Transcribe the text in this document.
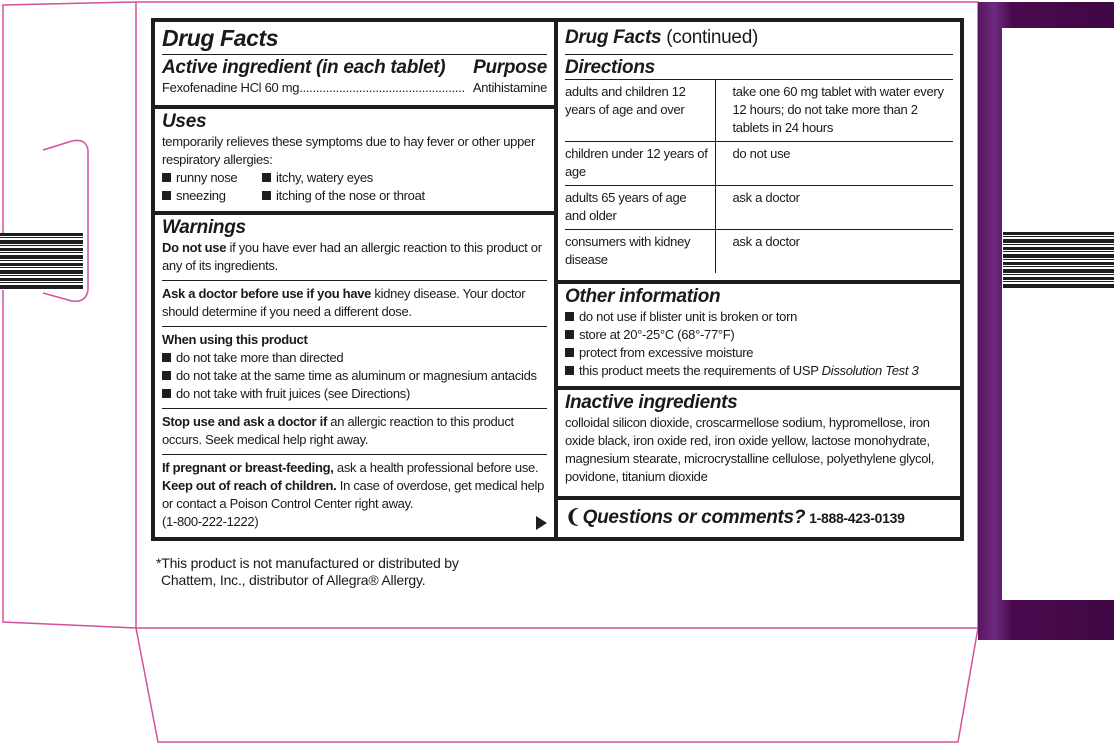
Drug Facts
Active ingredient (in each tablet) Purpose
Fexofenadine HCl 60 mg .................................................. Antihistamine
Uses
temporarily relieves these symptoms due to hay fever or other upper respiratory allergies:
runny nose	itchy, watery eyes
sneezing	itching of the nose or throat
Warnings
Do not use if you have ever had an allergic reaction to this product or any of its ingredients.
Ask a doctor before use if you have kidney disease. Your doctor should determine if you need a different dose.
When using this product
do not take more than directed
do not take at the same time as aluminum or magnesium antacids
do not take with fruit juices (see Directions)
Stop use and ask a doctor if an allergic reaction to this product occurs. Seek medical help right away.
If pregnant or breast-feeding, ask a health professional before use. Keep out of reach of children. In case of overdose, get medical help or contact a Poison Control Center right away.
(1-800-222-1222)
Drug Facts (continued)
Directions
adults and children 12 years of age and over	take one 60 mg tablet with water every 12 hours; do not take more than 2 tablets in 24 hours
children under 12 years of age	do not use
adults 65 years of age and older	ask a doctor
consumers with kidney disease	ask a doctor
Other information
do not use if blister unit is broken or torn
store at 20°-25°C (68°-77°F)
protect from excessive moisture
this product meets the requirements of USP Dissolution Test 3
Inactive ingredients
colloidal silicon dioxide, croscarmellose sodium, hypromellose, iron oxide black, iron oxide red, iron oxide yellow, lactose monohydrate, magnesium stearate, microcrystalline cellulose, polyethylene glycol, povidone, titanium dioxide
❨ Questions or comments? 1-888-423-0139
*This product is not manufactured or distributed by
Chattem, Inc., distributor of Allegra® Allergy.
